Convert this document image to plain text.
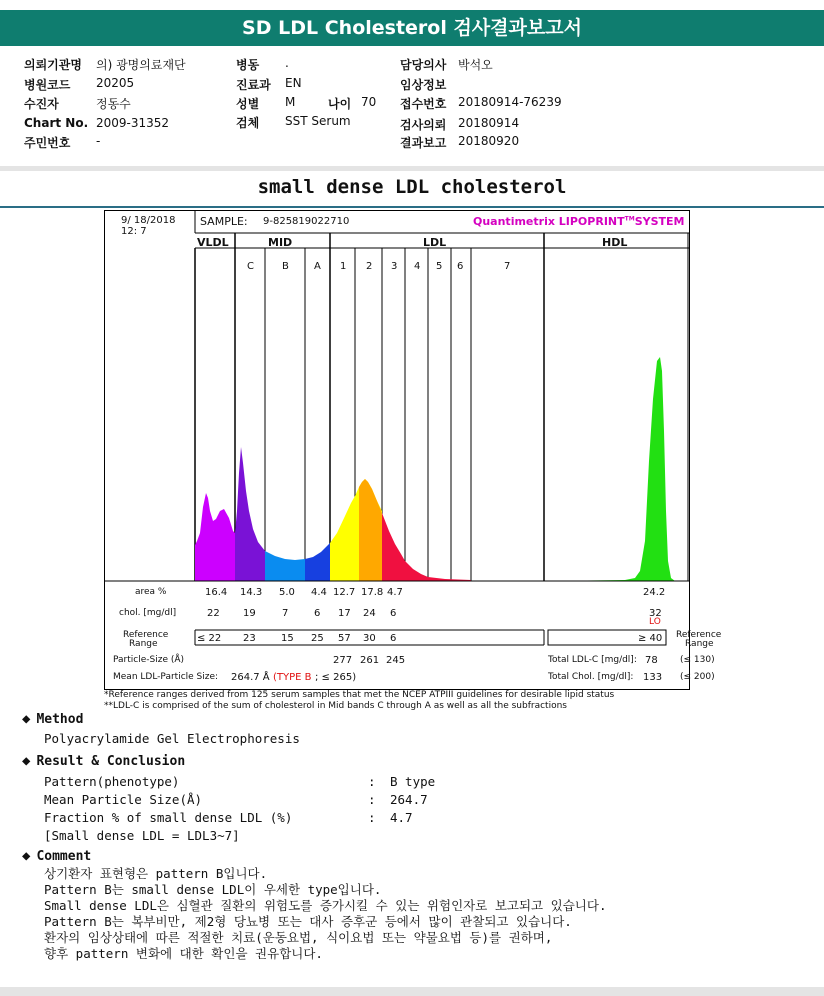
SD LDL Cholesterol 검사결과보고서
의뢰기관명 의) 광명의료재단
병원코드 20205
수진자	정동수
Chart No. 2009-31352
주민번호 -
병동 .
진료과 EN
성별 M	나이 70
검체 SST Serum
담당의사 박석오
임상정보
접수번호 20180914-76239
검사의뢰 20180914
결과보고 20180920
small dense LDL cholesterol
9/ 18/2018
12: 7
SAMPLE: 9-825819022710	Quantimetrix LIPOPRINT™SYSTEM
VLDL	MID	LDL	HDL
C	B	A 1 2 3 4 5 6	7
area %	16.4 14.3 5.0 4.4 12.7 17.8 4.7	24.2
chol. [mg/dl]	22 19	7	6 17 24 6	32
LO
Reference
Range	≤ 22 23	15 25 57 30 6	≥ 40 Reference
Range
Particle-Size (Å)	277 261 245	Total LDL-C [mg/dl]: 78 (≤ 130)
Mean LDL-Particle Size: 264.7 Å (TYPE B ; ≤ 265)	Total Chol. [mg/dl]: 133 (≤ 200)
*Reference ranges derived from 125 serum samples that met the NCEP ATPIII guidelines for desirable lipid status
**LDL-C is comprised of the sum of cholesterol in Mid bands C through A as well as all the subfractions
◆ Method
Polyacrylamide Gel Electrophoresis
◆ Result & Conclusion
Pattern(phenotype)	: B type
Mean Particle Size(Å)	: 264.7
Fraction % of small dense LDL (%)	: 4.7
[Small dense LDL = LDL3~7]
◆ Comment
상기환자 표현형은 pattern B입니다.
Pattern B는 small dense LDL이 우세한 type입니다.
Small dense LDL은 심혈관 질환의 위험도를 증가시킬 수 있는 위험인자로 보고되고 있습니다.
Pattern B는 복부비만, 제2형 당뇨병 또는 대사 증후군 등에서 많이 관찰되고 있습니다.
환자의 임상상태에 따른 적절한 치료(운동요법, 식이요법 또는 약물요법 등)를 권하며,
향후 pattern 변화에 대한 확인을 권유합니다.
